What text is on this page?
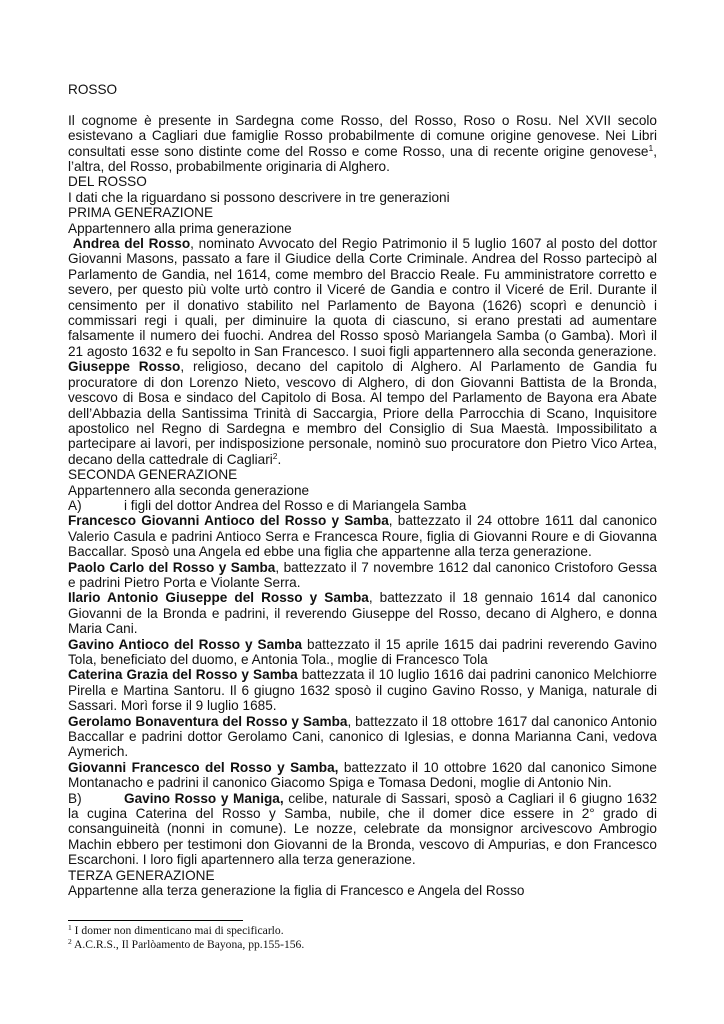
ROSSO

Il cognome è presente in Sardegna come Rosso, del Rosso, Roso o Rosu. Nel XVII secolo esistevano a Cagliari due famiglie Rosso probabilmente di comune origine genovese. Nei Libri consultati esse sono distinte come del Rosso e come Rosso, una di recente origine genovese$^1$, l’altra, del Rosso, probabilmente originaria di Alghero.

DEL ROSSO

I dati che la riguardano si possono descrivere in tre generazioni

PRIMA GENERAZIONE

Appartennero alla prima generazione

Andrea del Rosso, nominato Avvocato del Regio Patrimonio il 5 luglio 1607 al posto del dottor Giovanni Masons, passato a fare il Giudice della Corte Criminale. Andrea del Rosso partecipò al Parlamento de Gandia, nel 1614, come membro del Braccio Reale. Fu amministratore corretto e severo, per questo più volte urtò contro il Viceré de Gandia e contro il Viceré de Eril. Durante il censimento per il donativo stabilito nel Parlamento de Bayona (1626) scoprì e denunciò i commissari regi i quali, per diminuire la quota di ciascuno, si erano prestati ad aumentare falsamente il numero dei fuochi. Andrea del Rosso sposò Mariangela Samba (o Gamba). Morì il 21 agosto 1632 e fu sepolto in San Francesco. I suoi figli appartennero alla seconda generazione.

Giuseppe Rosso, religioso, decano del capitolo di Alghero. Al Parlamento de Gandia fu procuratore di don Lorenzo Nieto, vescovo di Alghero, di don Giovanni Battista de la Bronda, vescovo di Bosa e sindaco del Capitolo di Bosa. Al tempo del Parlamento de Bayona era Abate dell’Abbazia della Santissima Trinità di Saccargia, Priore della Parrocchia di Scano, Inquisitore apostolico nel Regno di Sardegna e membro del Consiglio di Sua Maestà. Impossibilitato a partecipare ai lavori, per indisposizione personale, nominò suo procuratore don Pietro Vico Artea, decano della cattedrale di Cagliari$^2$.

SECONDA GENERAZIONE

Appartennero alla seconda generazione

A)	i figli del dottor Andrea del Rosso e di Mariangela Samba

Francesco Giovanni Antioco del Rosso y Samba, battezzato il 24 ottobre 1611 dal canonico Valerio Casula e padrini Antioco Serra e Francesca Roure, figlia di Giovanni Roure e di Giovanna Baccallar. Sposò una Angela ed ebbe una figlia che appartenne alla terza generazione.

Paolo Carlo del Rosso y Samba, battezzato il 7 novembre 1612 dal canonico Cristoforo Gessa e padrini Pietro Porta e Violante Serra.

Ilario Antonio Giuseppe del Rosso y Samba, battezzato il 18 gennaio 1614 dal canonico Giovanni de la Bronda e padrini, il reverendo Giuseppe del Rosso, decano di Alghero, e donna Maria Cani.

Gavino Antioco del Rosso y Samba battezzato il 15 aprile 1615 dai padrini reverendo Gavino Tola, beneficiato del duomo, e Antonia Tola., moglie di Francesco Tola

Caterina Grazia del Rosso y Samba battezzata il 10 luglio 1616 dai padrini canonico Melchiorre Pirella e Martina Santoru. Il 6 giugno 1632 sposò il cugino Gavino Rosso, y Maniga, naturale di Sassari. Morì forse il 9 luglio 1685.

Gerolamo Bonaventura del Rosso y Samba, battezzato il 18 ottobre 1617 dal canonico Antonio Baccallar e padrini dottor Gerolamo Cani, canonico di Iglesias, e donna Marianna Cani, vedova Aymerich.

Giovanni Francesco del Rosso y Samba, battezzato il 10 ottobre 1620 dal canonico Simone Montanacho e padrini il canonico Giacomo Spiga e Tomasa Dedoni, moglie di Antonio Nin.

B)	Gavino Rosso y Maniga, celibe, naturale di Sassari, sposò a Cagliari il 6 giugno 1632 la cugina Caterina del Rosso y Samba, nubile, che il domer dice essere in 2° grado di consanguineità (nonni in comune). Le nozze, celebrate da monsignor arcivescovo Ambrogio Machin ebbero per testimoni don Giovanni de la Bronda, vescovo di Ampurias, e don Francesco Escarchoni. I loro figli apartennero alla terza generazione.

TERZA GENERAZIONE

Appartenne alla terza generazione la figlia di Francesco e Angela del Rosso

$^1$ I domer non dimenticano mai di specificarlo.
$^2$ A.C.R.S., Il Parlòamento de Bayona, pp.155-156.
